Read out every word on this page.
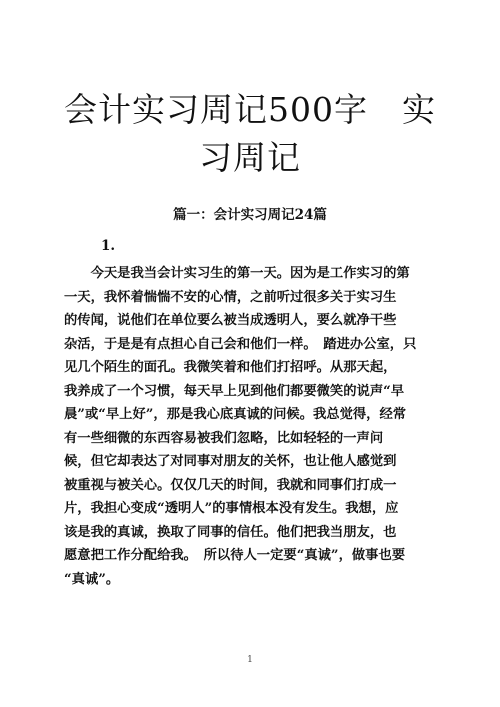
会计实习周记500字　实
习周记

篇一：会计实习周记24篇

1.

　　今天是我当会计实习生的第一天。因为是工作实习的第
一天，我怀着惴惴不安的心情，之前听过很多关于实习生
的传闻，说他们在单位要么被当成透明人，要么就净干些
杂活，于是是有点担心自己会和他们一样。　踏进办公室，只
见几个陌生的面孔。我微笑着和他们打招呼。从那天起，
我养成了一个习惯，每天早上见到他们都要微笑的说声“早
晨”或“早上好”，那是我心底真诚的问候。我总觉得，经常
有一些细微的东西容易被我们忽略，比如轻轻的一声问
候，但它却表达了对同事对朋友的关怀，也让他人感觉到
被重视与被关心。仅仅几天的时间，我就和同事们打成一
片，我担心变成“透明人”的事情根本没有发生。我想，应
该是我的真诚，换取了同事的信任。他们把我当朋友，也
愿意把工作分配给我。　所以待人一定要“真诚”，做事也要
“真诚”。

1
